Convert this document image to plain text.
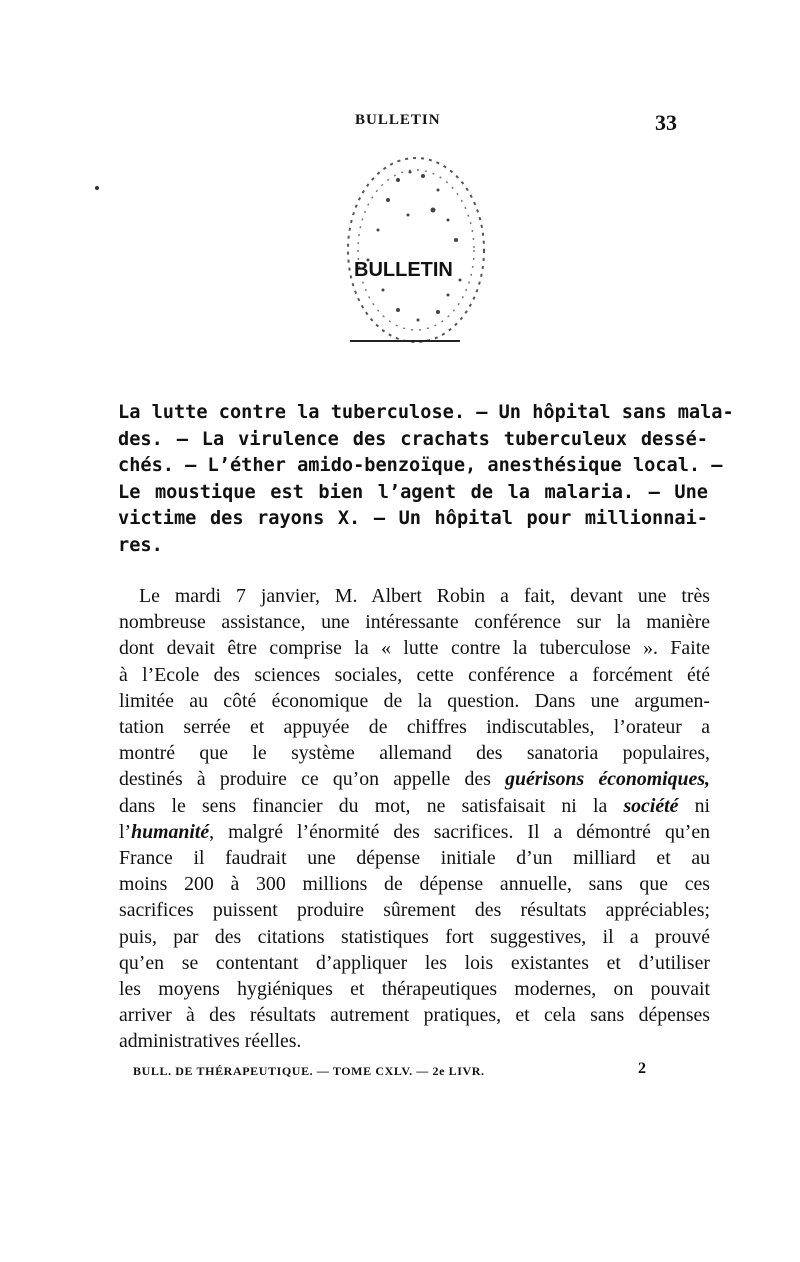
BULLETIN	33
BULLETIN
La lutte contre la tuberculose. — Un hôpital sans mala-
des. — La virulence des crachats tuberculeux dessé-
chés. — L’éther amido-benzoïque, anesthésique local. —
Le moustique est bien l’agent de la malaria. — Une
victime des rayons X. — Un hôpital pour millionnai-
res.
Le mardi 7 janvier, M. Albert Robin a fait, devant une très
nombreuse assistance, une intéressante conférence sur la manière
dont devait être comprise la « lutte contre la tuberculose ». Faite
à l’Ecole des sciences sociales, cette conférence a forcément été
limitée au côté économique de la question. Dans une argumen-
tation serrée et appuyée de chiffres indiscutables, l’orateur a
montré que le système allemand des sanatoria populaires,
destinés à produire ce qu’on appelle des guérisons économiques,
dans le sens financier du mot, ne satisfaisait ni la société ni
l’humanité, malgré l’énormité des sacrifices. Il a démontré qu’en
France il faudrait une dépense initiale d’un milliard et au
moins 200 à 300 millions de dépense annuelle, sans que ces
sacrifices puissent produire sûrement des résultats appréciables;
puis, par des citations statistiques fort suggestives, il a prouvé
qu’en se contentant d’appliquer les lois existantes et d’utiliser
les moyens hygiéniques et thérapeutiques modernes, on pouvait
arriver à des résultats autrement pratiques, et cela sans dépenses
administratives réelles.
BULL. DE THÉRAPEUTIQUE. — TOME CXLV. — 2e LIVR.	2
